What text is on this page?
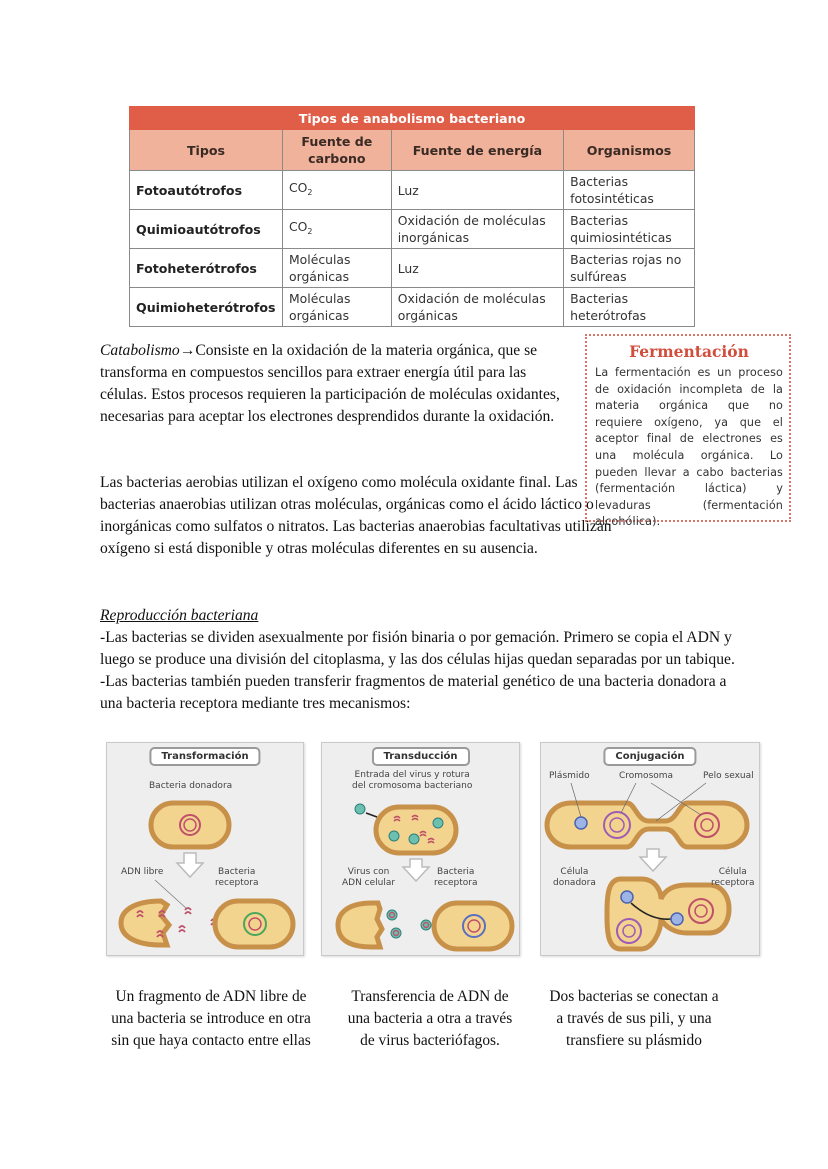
Tipos de anabolismo bacteriano			
Tipos	Fuente de carbono	Fuente de energía	Organismos
Fotoautótrofos	$CO_2$	Luz	Bacterias fotosintéticas
Quimioautótrofos	$CO_2$	Oxidación de moléculas inorgánicas	Bacterias quimiosintéticas
Fotoheterótrofos	Moléculas orgánicas	Luz	Bacterias rojas no sulfúreas
Quimioheterótrofos	Moléculas orgánicas	Oxidación de moléculas orgánicas	Bacterias heterótrofas

Catabolismo→Consiste en la oxidación de la materia orgánica, que se transforma en compuestos sencillos para extraer energía útil para las células. Estos procesos requieren la participación de moléculas oxidantes, necesarias para aceptar los electrones desprendidos durante la oxidación.

Fermentación

La fermentación es un proceso de oxidación incompleta de la materia orgánica que no requiere oxígeno, ya que el aceptor final de electrones es una molécula orgánica. Lo pueden llevar a cabo bacterias (fermentación láctica) y levaduras (fermentación alcohólica).

Las bacterias aerobias utilizan el oxígeno como molécula oxidante final. Las bacterias anaerobias utilizan otras moléculas, orgánicas como el ácido láctico o inorgánicas como sulfatos o nitratos. Las bacterias anaerobias facultativas utilizan oxígeno si está disponible y otras moléculas diferentes en su ausencia.

Reproducción bacteriana

-Las bacterias se dividen asexualmente por fisión binaria o por gemación. Primero se copia el ADN y luego se produce una división del citoplasma, y las dos células hijas quedan separadas por un tabique.
-Las bacterias también pueden transferir fragmentos de material genético de una bacteria donadora a una bacteria receptora mediante tres mecanismos:
Transformación
Bacteria donadora
ADN libre	Bacteria
receptora
Transducción
Entrada del virus y rotura
del cromosoma bacteriano
Virus con
ADN celular
Bacteria
receptora
Conjugación
Plásmido	Cromosoma	Pelo sexual
Célula
donadora
Célula
receptora
Un fragmento de ADN libre de
una bacteria se introduce en otra
sin que haya contacto entre ellas
Transferencia de ADN de
una bacteria a otra a través
de virus bacteriófagos.
Dos bacterias se conectan a
a través de sus pili, y una
transfiere su plásmido
